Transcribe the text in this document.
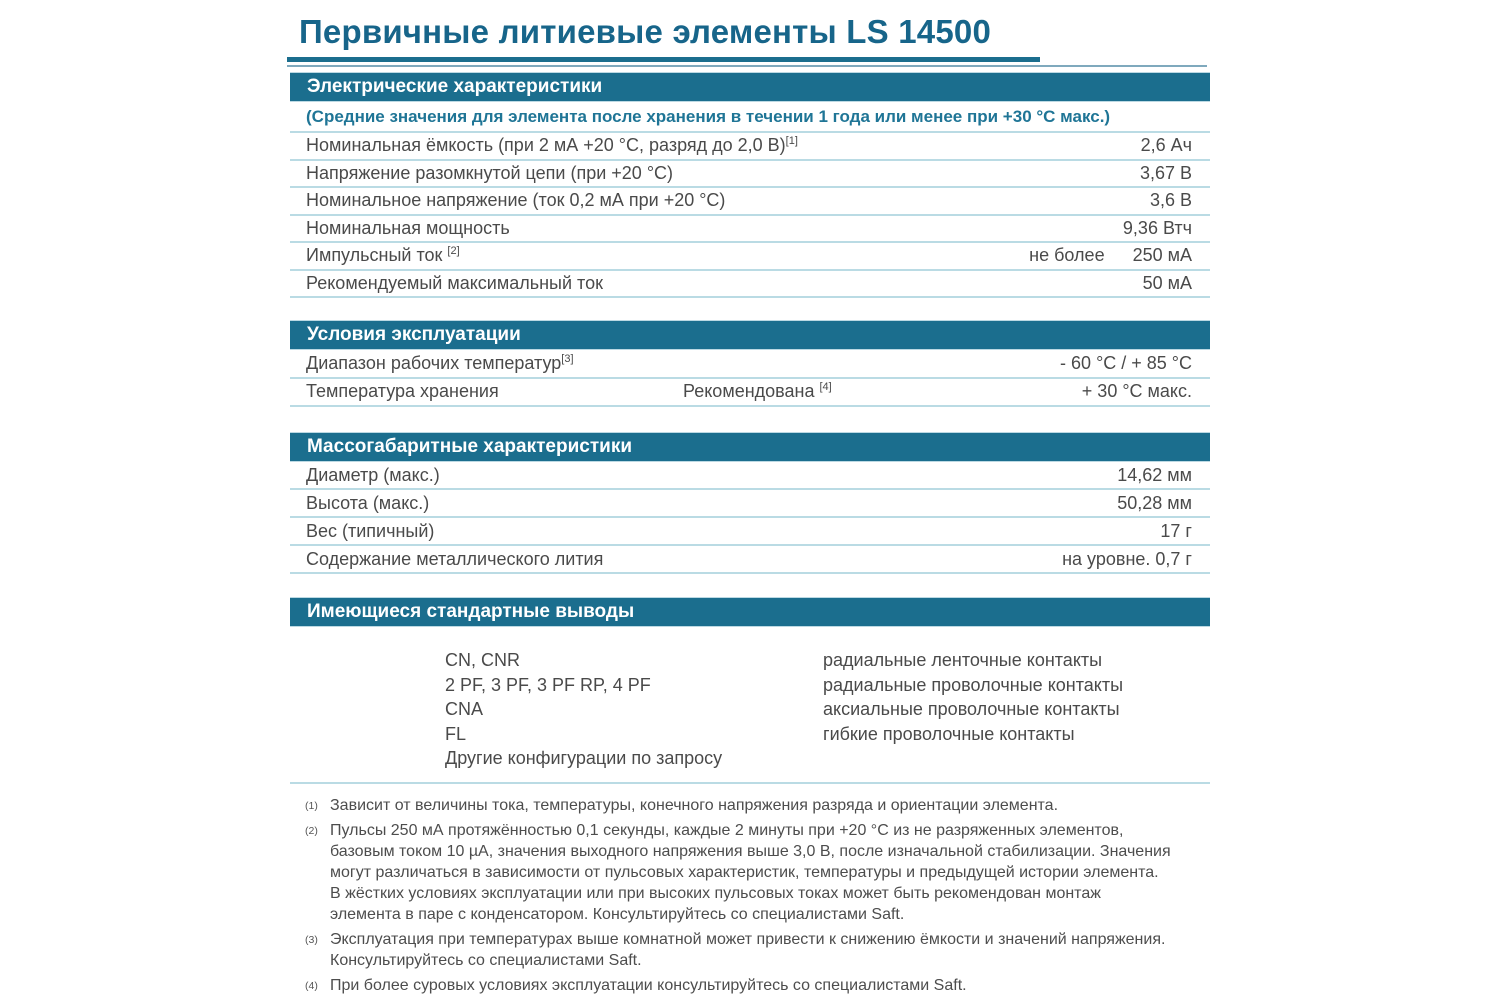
Первичные литиевые элементы LS 14500
Электрические характеристики
(Средние значения для элемента после хранения в течении 1 года или менее при +30 °C макс.)
Номинальная ёмкость (при 2 мА +20 °C, разряд до 2,0 В)[1]	2,6 Ач
Напряжение разомкнутой цепи (при +20 °C)	3,67 В
Номинальное напряжение (ток 0,2 мА при +20 °C)	3,6 В
Номинальная мощность	9,36 Втч
Импульсный ток [2]	не более 250 мА
Рекомендуемый максимальный ток	50 мА
Условия эксплуатации
Диапазон рабочих температур[3]	- 60 °C / + 85 °C
Температура хранения	Рекомендована [4]	+ 30 °C макс.
Массогабаритные характеристики
Диаметр (макс.)	14,62 мм
Высота (макс.)	50,28 мм
Вес (типичный)	17 г
Содержание металлического лития	на уровне. 0,7 г
Имеющиеся стандартные выводы
CN, CNR	радиальные ленточные контакты
2 PF, 3 PF, 3 PF RP, 4 PF	радиальные проволочные контакты
CNA	аксиальные проволочные контакты
FL	гибкие проволочные контакты
Другие конфигурации по запросу
(1) Зависит от величины тока, температуры, конечного напряжения разряда и ориентации элемента.
(2) Пульсы 250 мА протяжённостью 0,1 секунды, каждые 2 минуты при +20 °C из не разряженных элементов, базовым током 10 µА, значения выходного напряжения выше 3,0 В, после изначальной стабилизации. Значения могут различаться в зависимости от пульсовых характеристик, температуры и предыдущей истории элемента. В жёстких условиях эксплуатации или при высоких пульсовых токах может быть рекомендован монтаж элемента в паре с конденсатором. Консультируйтесь со специалистами Saft.
(3) Эксплуатация при температурах выше комнатной может привести к снижению ёмкости и значений напряжения. Консультируйтесь со специалистами Saft.
(4) При более суровых условиях эксплуатации консультируйтесь со специалистами Saft.
